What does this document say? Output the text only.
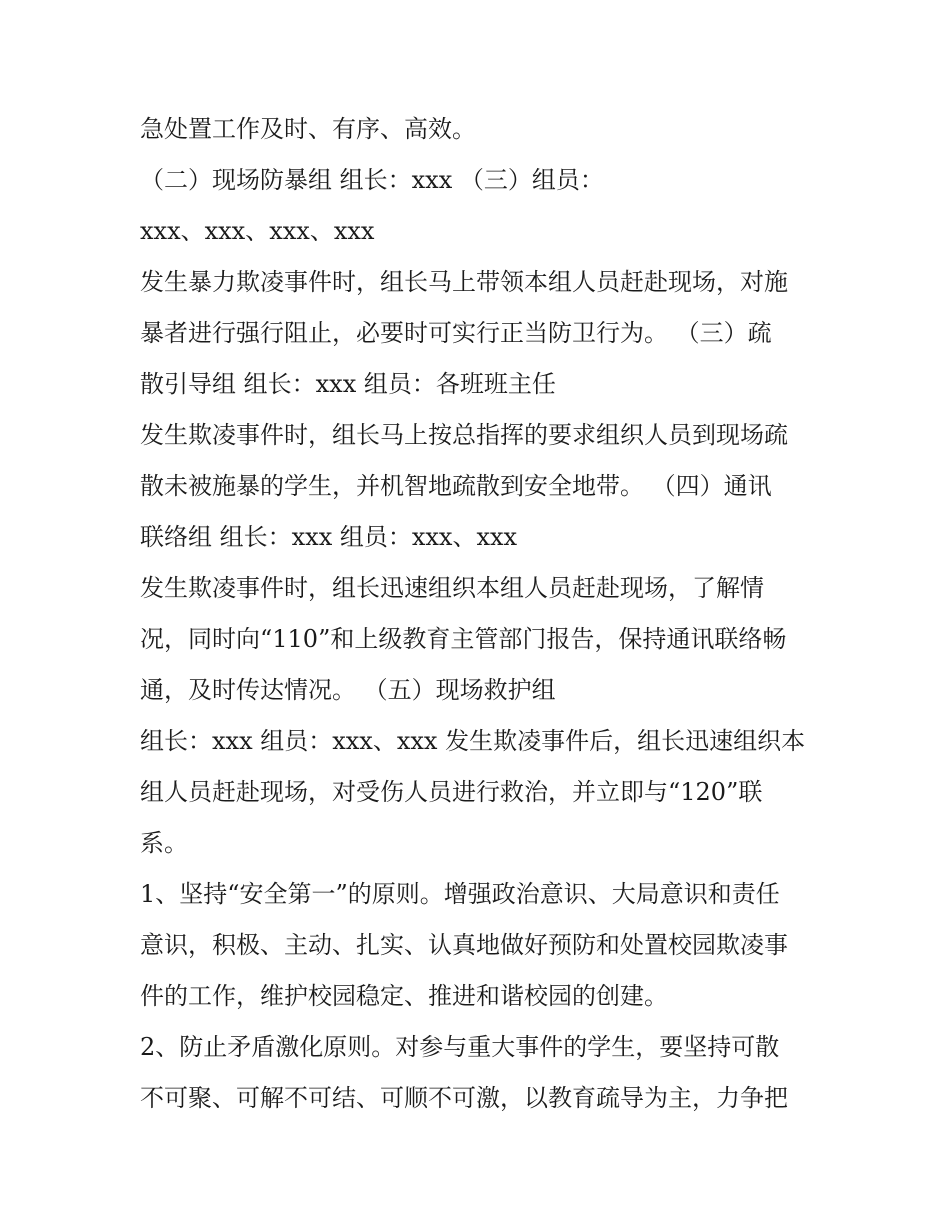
急处置工作及时、有序、高效。
（二）现场防暴组 组长：xxx （三）组员：
xxx、xxx、xxx、xxx
发生暴力欺凌事件时，组长马上带领本组人员赶赴现场，对施
暴者进行强行阻止，必要时可实行正当防卫行为。 （三）疏
散引导组 组长：xxx 组员：各班班主任
发生欺凌事件时，组长马上按总指挥的要求组织人员到现场疏
散未被施暴的学生，并机智地疏散到安全地带。 （四）通讯
联络组 组长：xxx 组员：xxx、xxx
发生欺凌事件时，组长迅速组织本组人员赶赴现场，了解情
况，同时向“110”和上级教育主管部门报告，保持通讯联络畅
通，及时传达情况。 （五）现场救护组
组长：xxx 组员：xxx、xxx 发生欺凌事件后，组长迅速组织本
组人员赶赴现场，对受伤人员进行救治，并立即与“120”联
系。
1、坚持“安全第一”的原则。增强政治意识、大局意识和责任
意识，积极、主动、扎实、认真地做好预防和处置校园欺凌事
件的工作，维护校园稳定、推进和谐校园的创建。
2、防止矛盾激化原则。对参与重大事件的学生，要坚持可散
不可聚、可解不可结、可顺不可激，以教育疏导为主，力争把
